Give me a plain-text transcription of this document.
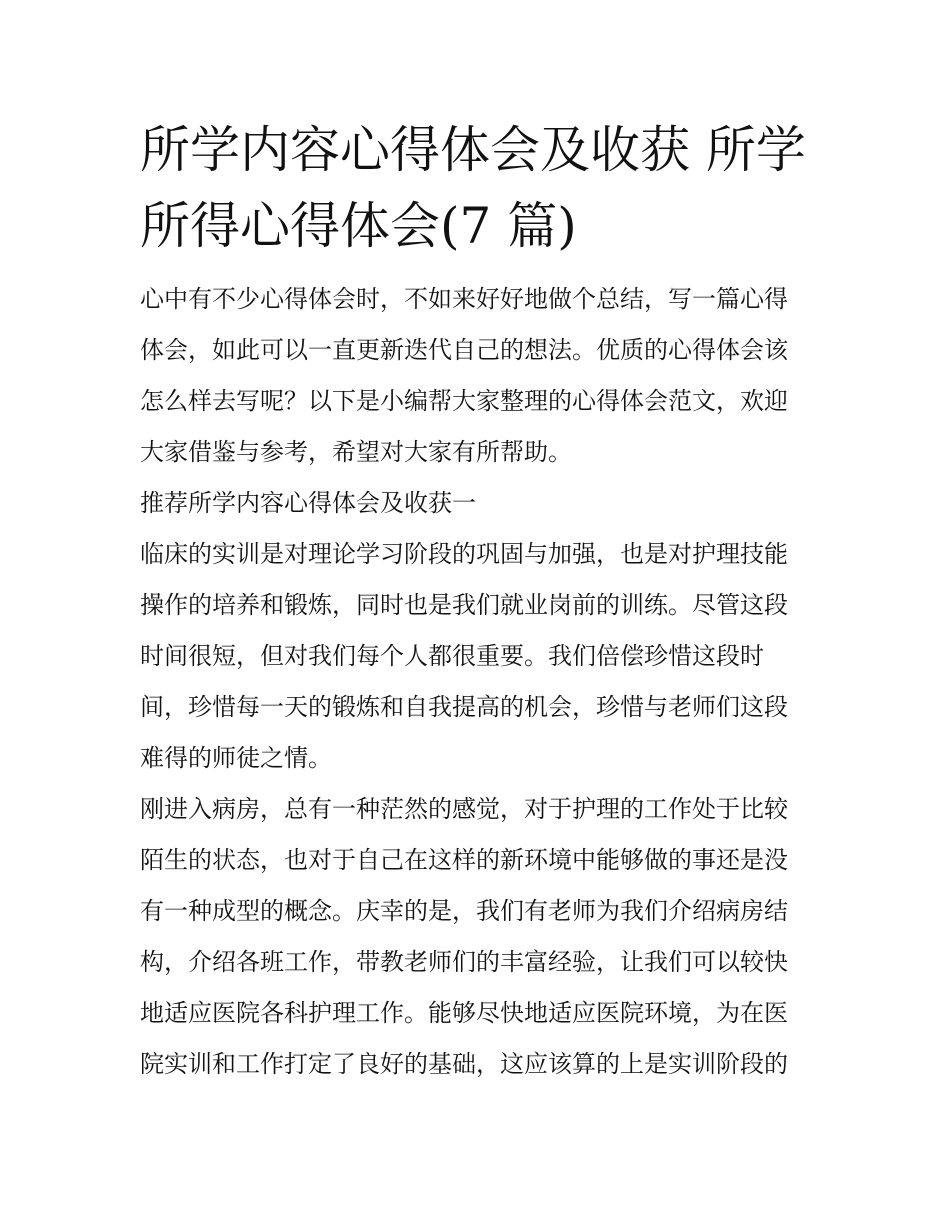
所学内容心得体会及收获 所学
所得心得体会(7 篇)
心中有不少心得体会时，不如来好好地做个总结，写一篇心得
体会，如此可以一直更新迭代自己的想法。优质的心得体会该
怎么样去写呢？以下是小编帮大家整理的心得体会范文，欢迎
大家借鉴与参考，希望对大家有所帮助。
推荐所学内容心得体会及收获一
临床的实训是对理论学习阶段的巩固与加强，也是对护理技能
操作的培养和锻炼，同时也是我们就业岗前的训练。尽管这段
时间很短，但对我们每个人都很重要。我们倍偿珍惜这段时
间，珍惜每一天的锻炼和自我提高的机会，珍惜与老师们这段
难得的师徒之情。
刚进入病房，总有一种茫然的感觉，对于护理的工作处于比较
陌生的状态，也对于自己在这样的新环境中能够做的事还是没
有一种成型的概念。庆幸的是，我们有老师为我们介绍病房结
构，介绍各班工作，带教老师们的丰富经验，让我们可以较快
地适应医院各科护理工作。能够尽快地适应医院环境，为在医
院实训和工作打定了良好的基础，这应该算的上是实训阶段的
